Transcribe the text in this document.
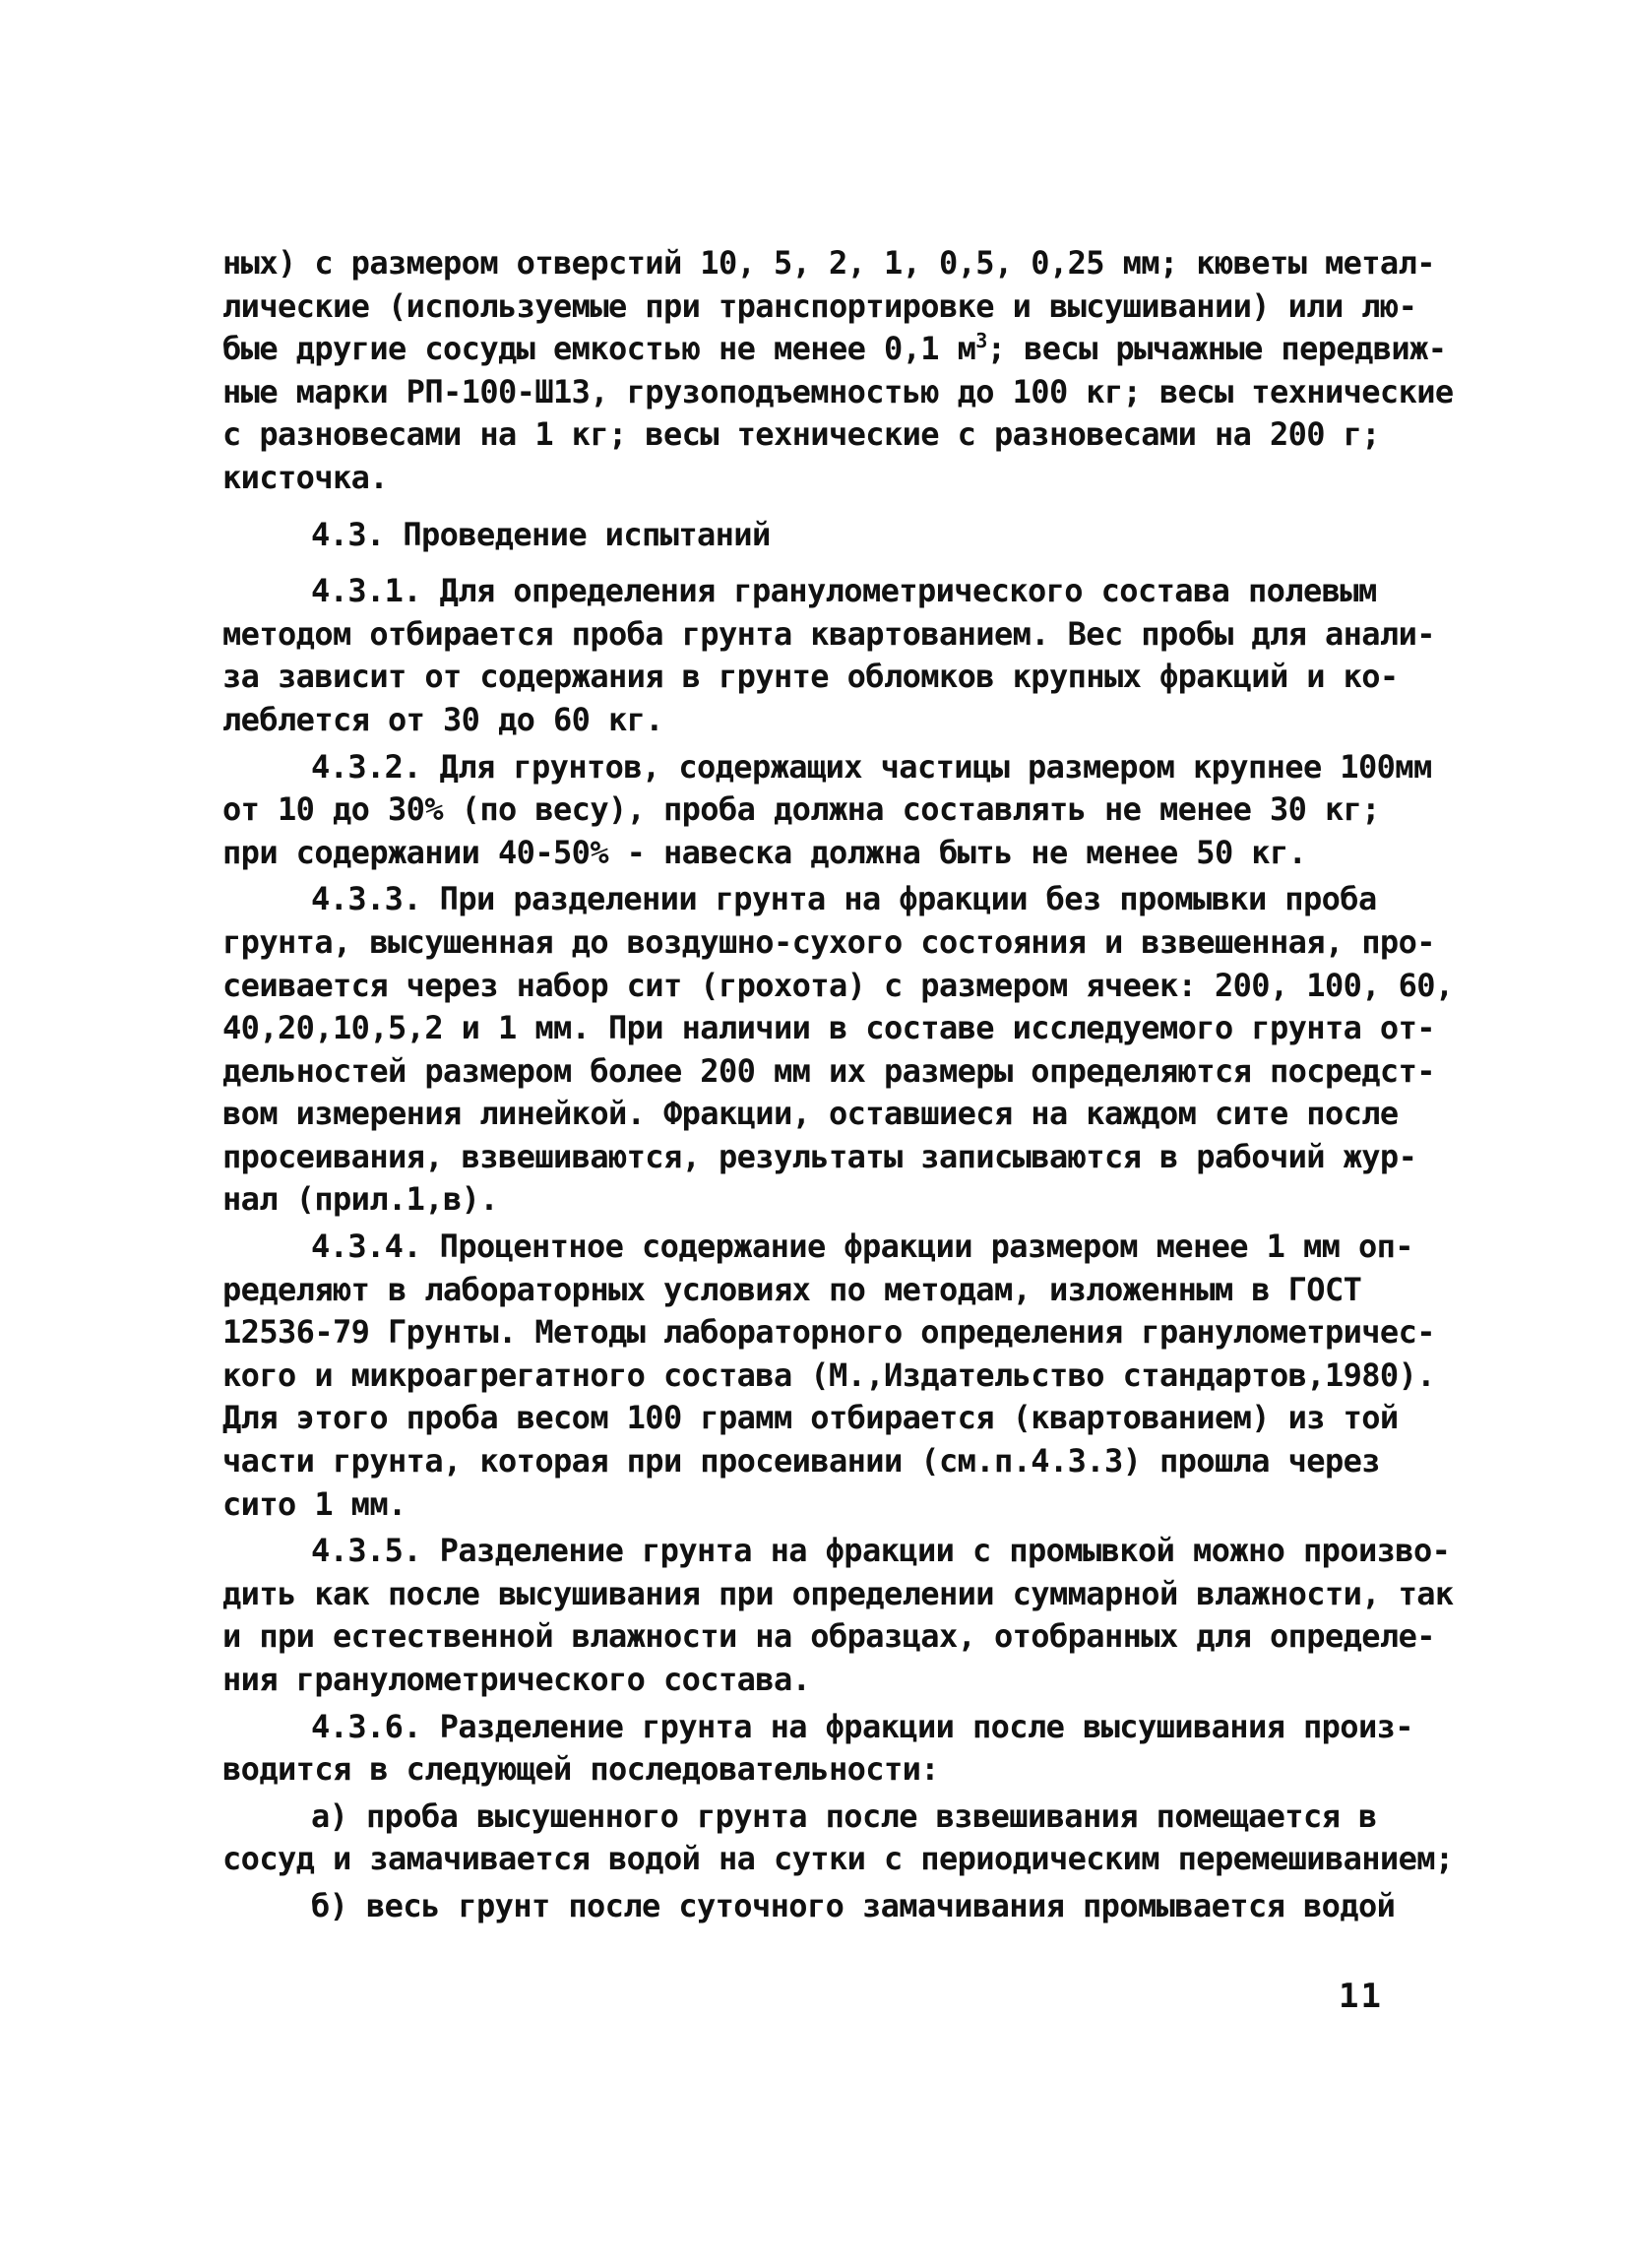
ных) с размером отверстий 10, 5, 2, 1, 0,5, 0,25 мм; кюветы метал-
лические (используемые при транспортировке и высушивании) или лю-
бые другие сосуды емкостью не менее 0,1 $м^3$; весы рычажные передвиж-
ные марки РП-100-Ш13, грузоподъемностью до 100 кг; весы технические
с разновесами на 1 кг; весы технические с разновесами на 200 г;
кисточка.
4.3. Проведение испытаний
4.3.1. Для определения гранулометрического состава полевым
методом отбирается проба грунта квартованием. Вес пробы для анали-
за зависит от содержания в грунте обломков крупных фракций и ко-
леблется от 30 до 60 кг.
4.3.2. Для грунтов, содержащих частицы размером крупнее 100мм
от 10 до 30% (по весу), проба должна составлять не менее 30 кг;
при содержании 40-50% - навеска должна быть не менее 50 кг.
4.3.3. При разделении грунта на фракции без промывки проба
грунта, высушенная до воздушно-сухого состояния и взвешенная, про-
сеивается через набор сит (грохота) с размером ячеек: 200, 100, 60,
40,20,10,5,2 и 1 мм. При наличии в составе исследуемого грунта от-
дельностей размером более 200 мм их размеры определяются посредст-
вом измерения линейкой. Фракции, оставшиеся на каждом сите после
просеивания, взвешиваются, результаты записываются в рабочий жур-
нал (прил.1,в).
4.3.4. Процентное содержание фракции размером менее 1 мм оп-
ределяют в лабораторных условиях по методам, изложенным в ГОСТ
12536-79 Грунты. Методы лабораторного определения гранулометричес-
кого и микроагрегатного состава (М.,Издательство стандартов,1980).
Для этого проба весом 100 грамм отбирается (квартованием) из той
части грунта, которая при просеивании (см.п.4.3.3) прошла через
сито 1 мм.
4.3.5. Разделение грунта на фракции с промывкой можно произво-
дить как после высушивания при определении суммарной влажности, так
и при естественной влажности на образцах, отобранных для определе-
ния гранулометрического состава.
4.3.6. Разделение грунта на фракции после высушивания произ-
водится в следующей последовательности:
а) проба высушенного грунта после взвешивания помещается в
сосуд и замачивается водой на сутки с периодическим перемешиванием;
б) весь грунт после суточного замачивания промывается водой
11
